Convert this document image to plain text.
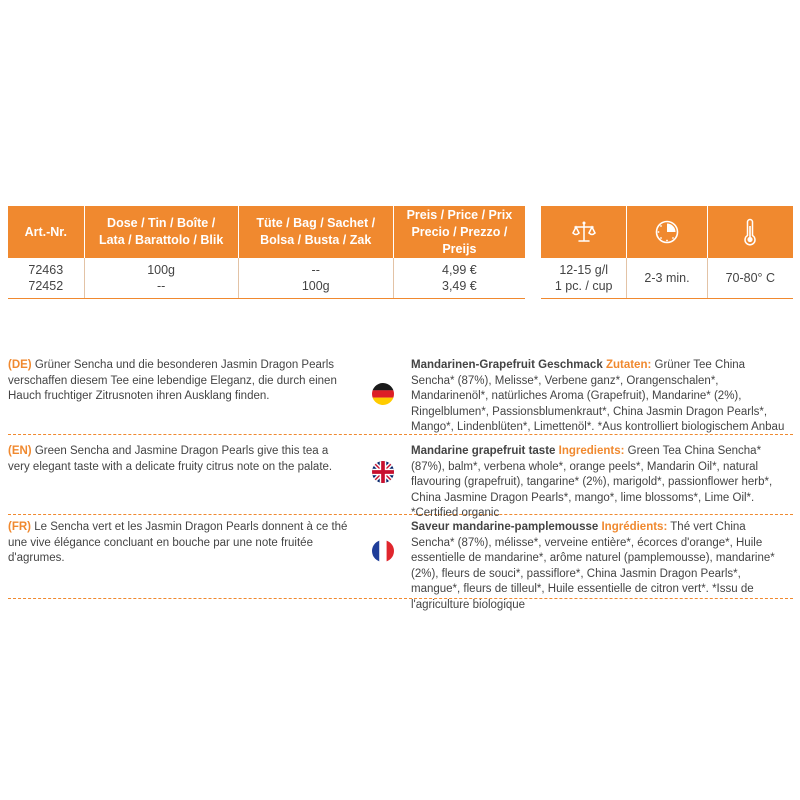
Art.-Nr.
Dose / Tin / Boîte /
Lata / Barattolo / Blik
Tüte / Bag / Sachet /
Bolsa / Busta / Zak
Preis / Price / Prix
Precio / Prezzo / Preijs
72463
72452
100g
--
--
100g
4,99 €
3,49 €
12-15 g/l
1 pc. / cup
2-3 min.	70-80° C
(DE) Grüner Sencha und die besonderen Jasmin Dragon Pearls verschaffen diesem Tee eine lebendige Eleganz, die durch einen Hauch fruchtiger Zitrusnoten ihren Ausklang finden.
Mandarinen-Grapefruit Geschmack Zutaten: Grüner Tee China Sencha* (87%), Melisse*, Verbene ganz*, Orangenschalen*, Mandarinenöl*, natürliches Aroma (Grapefruit), Mandarine* (2%), Ringelblumen*, Passionsblumenkraut*, China Jasmin Dragon Pearls*, Mango*, Lindenblüten*, Limettenöl*. *Aus kontrolliert biologischem Anbau
(EN) Green Sencha and Jasmine Dragon Pearls give this tea a very elegant taste with a delicate fruity citrus note on the palate.
Mandarine grapefruit taste Ingredients: Green Tea China Sencha* (87%), balm*, verbena whole*, orange peels*, Mandarin Oil*, natural flavouring (grapefruit), tangarine* (2%), marigold*, passionflower herb*, China Jasmine Dragon Pearls*, mango*, lime blossoms*, Lime Oil*. *Certified organic
(FR) Le Sencha vert et les Jasmin Dragon Pearls donnent à ce thé une vive élégance concluant en bouche par une note fruitée d'agrumes.
Saveur mandarine-pamplemousse Ingrédients: Thé vert China Sencha* (87%), mélisse*, verveine entière*, écorces d'orange*, Huile essentielle de mandarine*, arôme naturel (pamplemousse), mandarine* (2%), fleurs de souci*, passiflore*, China Jasmin Dragon Pearls*, mangue*, fleurs de tilleul*, Huile essentielle de citron vert*. *Issu de l'agriculture biologique
